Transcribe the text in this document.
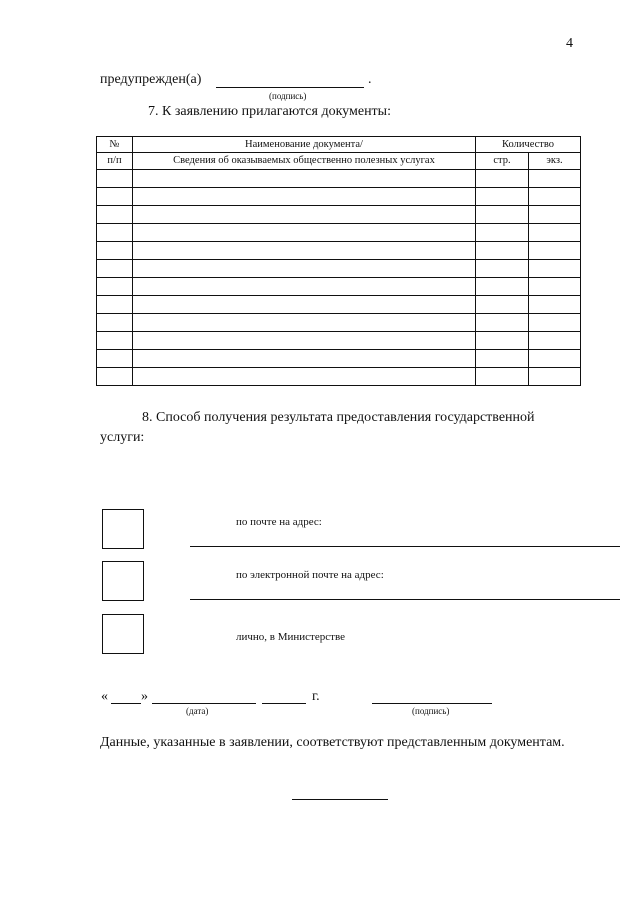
4
предупрежден(а)	.
(подпись)
7. К заявлению прилагаются документы:
№	Наименование документа/	Количество	
п/п	Сведения об оказываемых общественно полезных услугах	стр.	экз.

8. Способ получения результата предоставления государственной услуги:
по почте на адрес:
по электронной почте на адрес:
лично, в Министерстве
« »	г.
(дата)	(подпись)
Данные, указанные в заявлении, соответствуют представленным документам.
